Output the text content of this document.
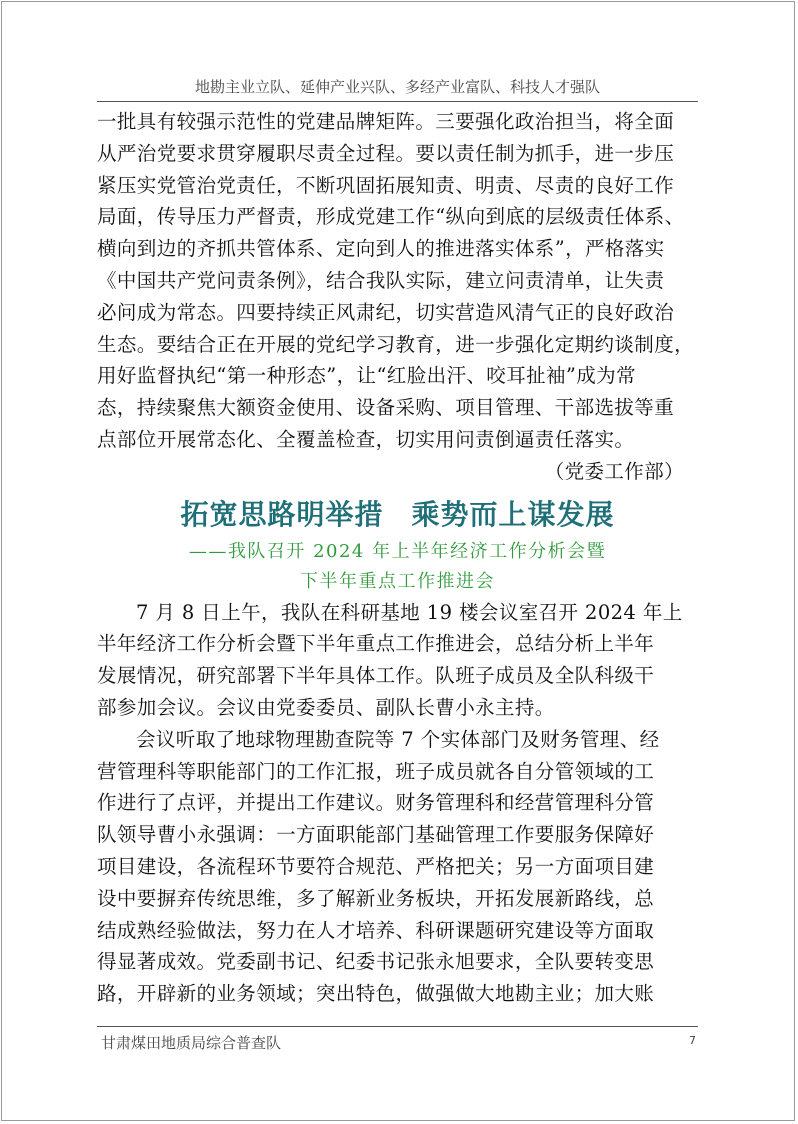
地勘主业立队、延伸产业兴队、多经产业富队、科技人才强队

一批具有较强示范性的党建品牌矩阵。三要强化政治担当，将全面
从严治党要求贯穿履职尽责全过程。要以责任制为抓手，进一步压
紧压实党管治党责任，不断巩固拓展知责、明责、尽责的良好工作
局面，传导压力严督责，形成党建工作“纵向到底的层级责任体系、
横向到边的齐抓共管体系、定向到人的推进落实体系”，严格落实
《中国共产党问责条例》，结合我队实际，建立问责清单，让失责
必问成为常态。四要持续正风肃纪，切实营造风清气正的良好政治
生态。要结合正在开展的党纪学习教育，进一步强化定期约谈制度，
用好监督执纪“第一种形态”，让“红脸出汗、咬耳扯袖”成为常
态，持续聚焦大额资金使用、设备采购、项目管理、干部选拔等重
点部位开展常态化、全覆盖检查，切实用问责倒逼责任落实。

（党委工作部）
拓宽思路明举措 乘势而上谋发展
——我队召开 2024 年上半年经济工作分析会暨
下半年重点工作推进会

7 月 8 日上午，我队在科研基地 19 楼会议室召开 2024 年上
半年经济工作分析会暨下半年重点工作推进会，总结分析上半年
发展情况，研究部署下半年具体工作。队班子成员及全队科级干
部参加会议。会议由党委委员、副队长曹小永主持。

会议听取了地球物理勘查院等 7 个实体部门及财务管理、经
营管理科等职能部门的工作汇报，班子成员就各自分管领域的工
作进行了点评，并提出工作建议。财务管理科和经营管理科分管
队领导曹小永强调：一方面职能部门基础管理工作要服务保障好
项目建设，各流程环节要符合规范、严格把关；另一方面项目建
设中要摒弃传统思维，多了解新业务板块，开拓发展新路线，总
结成熟经验做法，努力在人才培养、科研课题研究建设等方面取
得显著成效。党委副书记、纪委书记张永旭要求，全队要转变思
路，开辟新的业务领域；突出特色，做强做大地勘主业；加大账

甘肃煤田地质局综合普查队	7
